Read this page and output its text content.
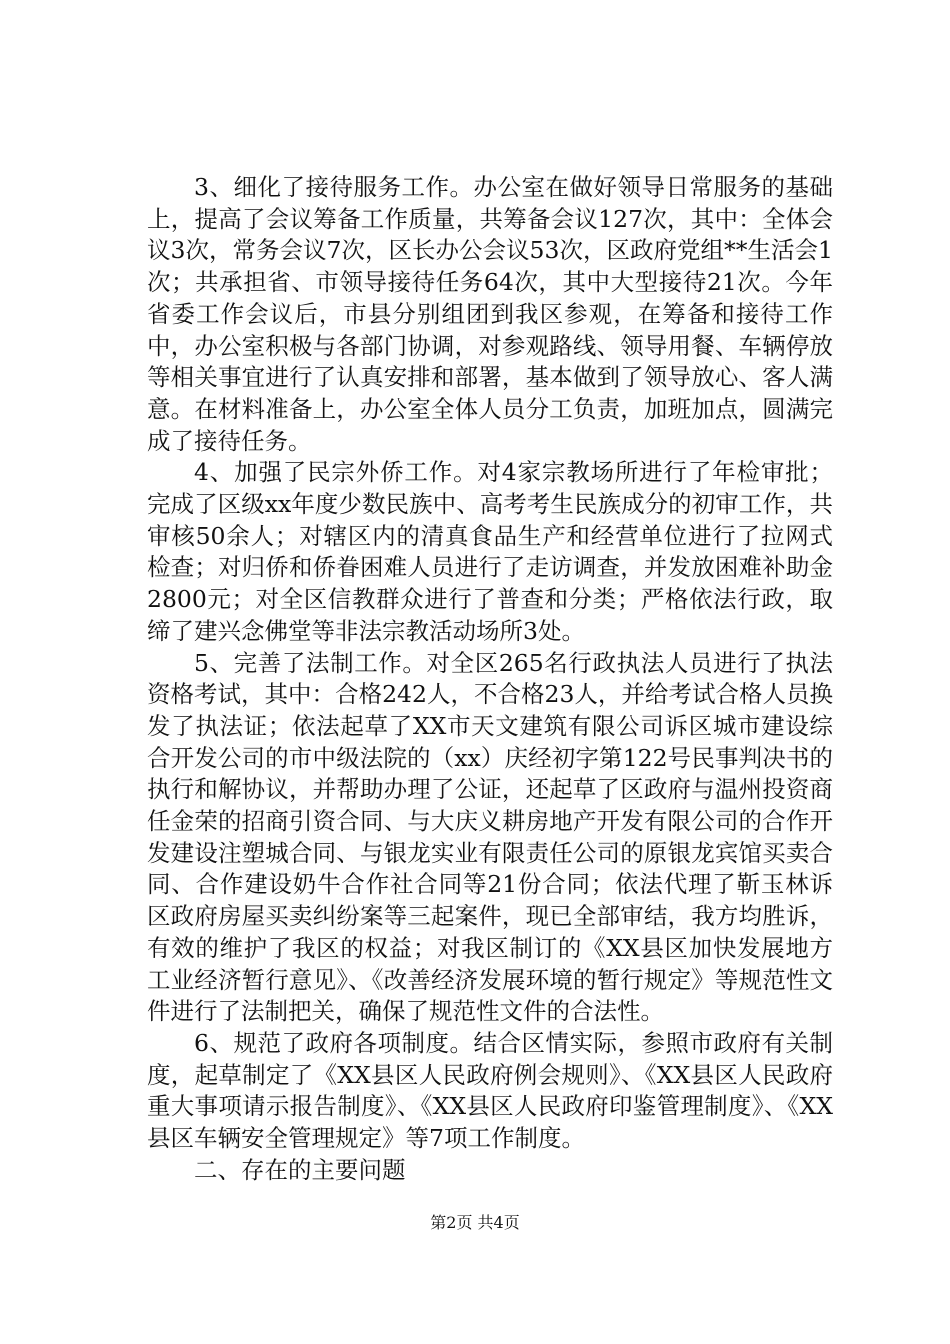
3、细化了接待服务工作。办公室在做好领导日常服务的基础上，提高了会议筹备工作质量，共筹备会议127次，其中：全体会议3次，常务会议7次，区长办公会议53次，区政府党组**生活会1次；共承担省、市领导接待任务64次，其中大型接待21次。今年省委工作会议后，市县分别组团到我区参观，在筹备和接待工作中，办公室积极与各部门协调，对参观路线、领导用餐、车辆停放等相关事宜进行了认真安排和部署，基本做到了领导放心、客人满意。在材料准备上，办公室全体人员分工负责，加班加点，圆满完成了接待任务。

4、加强了民宗外侨工作。对4家宗教场所进行了年检审批；完成了区级xx年度少数民族中、高考考生民族成分的初审工作，共审核50余人；对辖区内的清真食品生产和经营单位进行了拉网式检查；对归侨和侨眷困难人员进行了走访调查，并发放困难补助金2800元；对全区信教群众进行了普查和分类；严格依法行政，取缔了建兴念佛堂等非法宗教活动场所3处。

5、完善了法制工作。对全区265名行政执法人员进行了执法资格考试，其中：合格242人，不合格23人，并给考试合格人员换发了执法证；依法起草了XX市天文建筑有限公司诉区城市建设综合开发公司的市中级法院的（xx）庆经初字第122号民事判决书的执行和解协议，并帮助办理了公证，还起草了区政府与温州投资商任金荣的招商引资合同、与大庆义耕房地产开发有限公司的合作开发建设注塑城合同、与银龙实业有限责任公司的原银龙宾馆买卖合同、合作建设奶牛合作社合同等21份合同；依法代理了靳玉林诉区政府房屋买卖纠纷案等三起案件，现已全部审结，我方均胜诉，有效的维护了我区的权益；对我区制订的《XX县区加快发展地方工业经济暂行意见》、《改善经济发展环境的暂行规定》等规范性文件进行了法制把关，确保了规范性文件的合法性。

6、规范了政府各项制度。结合区情实际，参照市政府有关制度，起草制定了《XX县区人民政府例会规则》、《XX县区人民政府重大事项请示报告制度》、《XX县区人民政府印鉴管理制度》、《XX县区车辆安全管理规定》等7项工作制度。

二、存在的主要问题

第2页 共4页
